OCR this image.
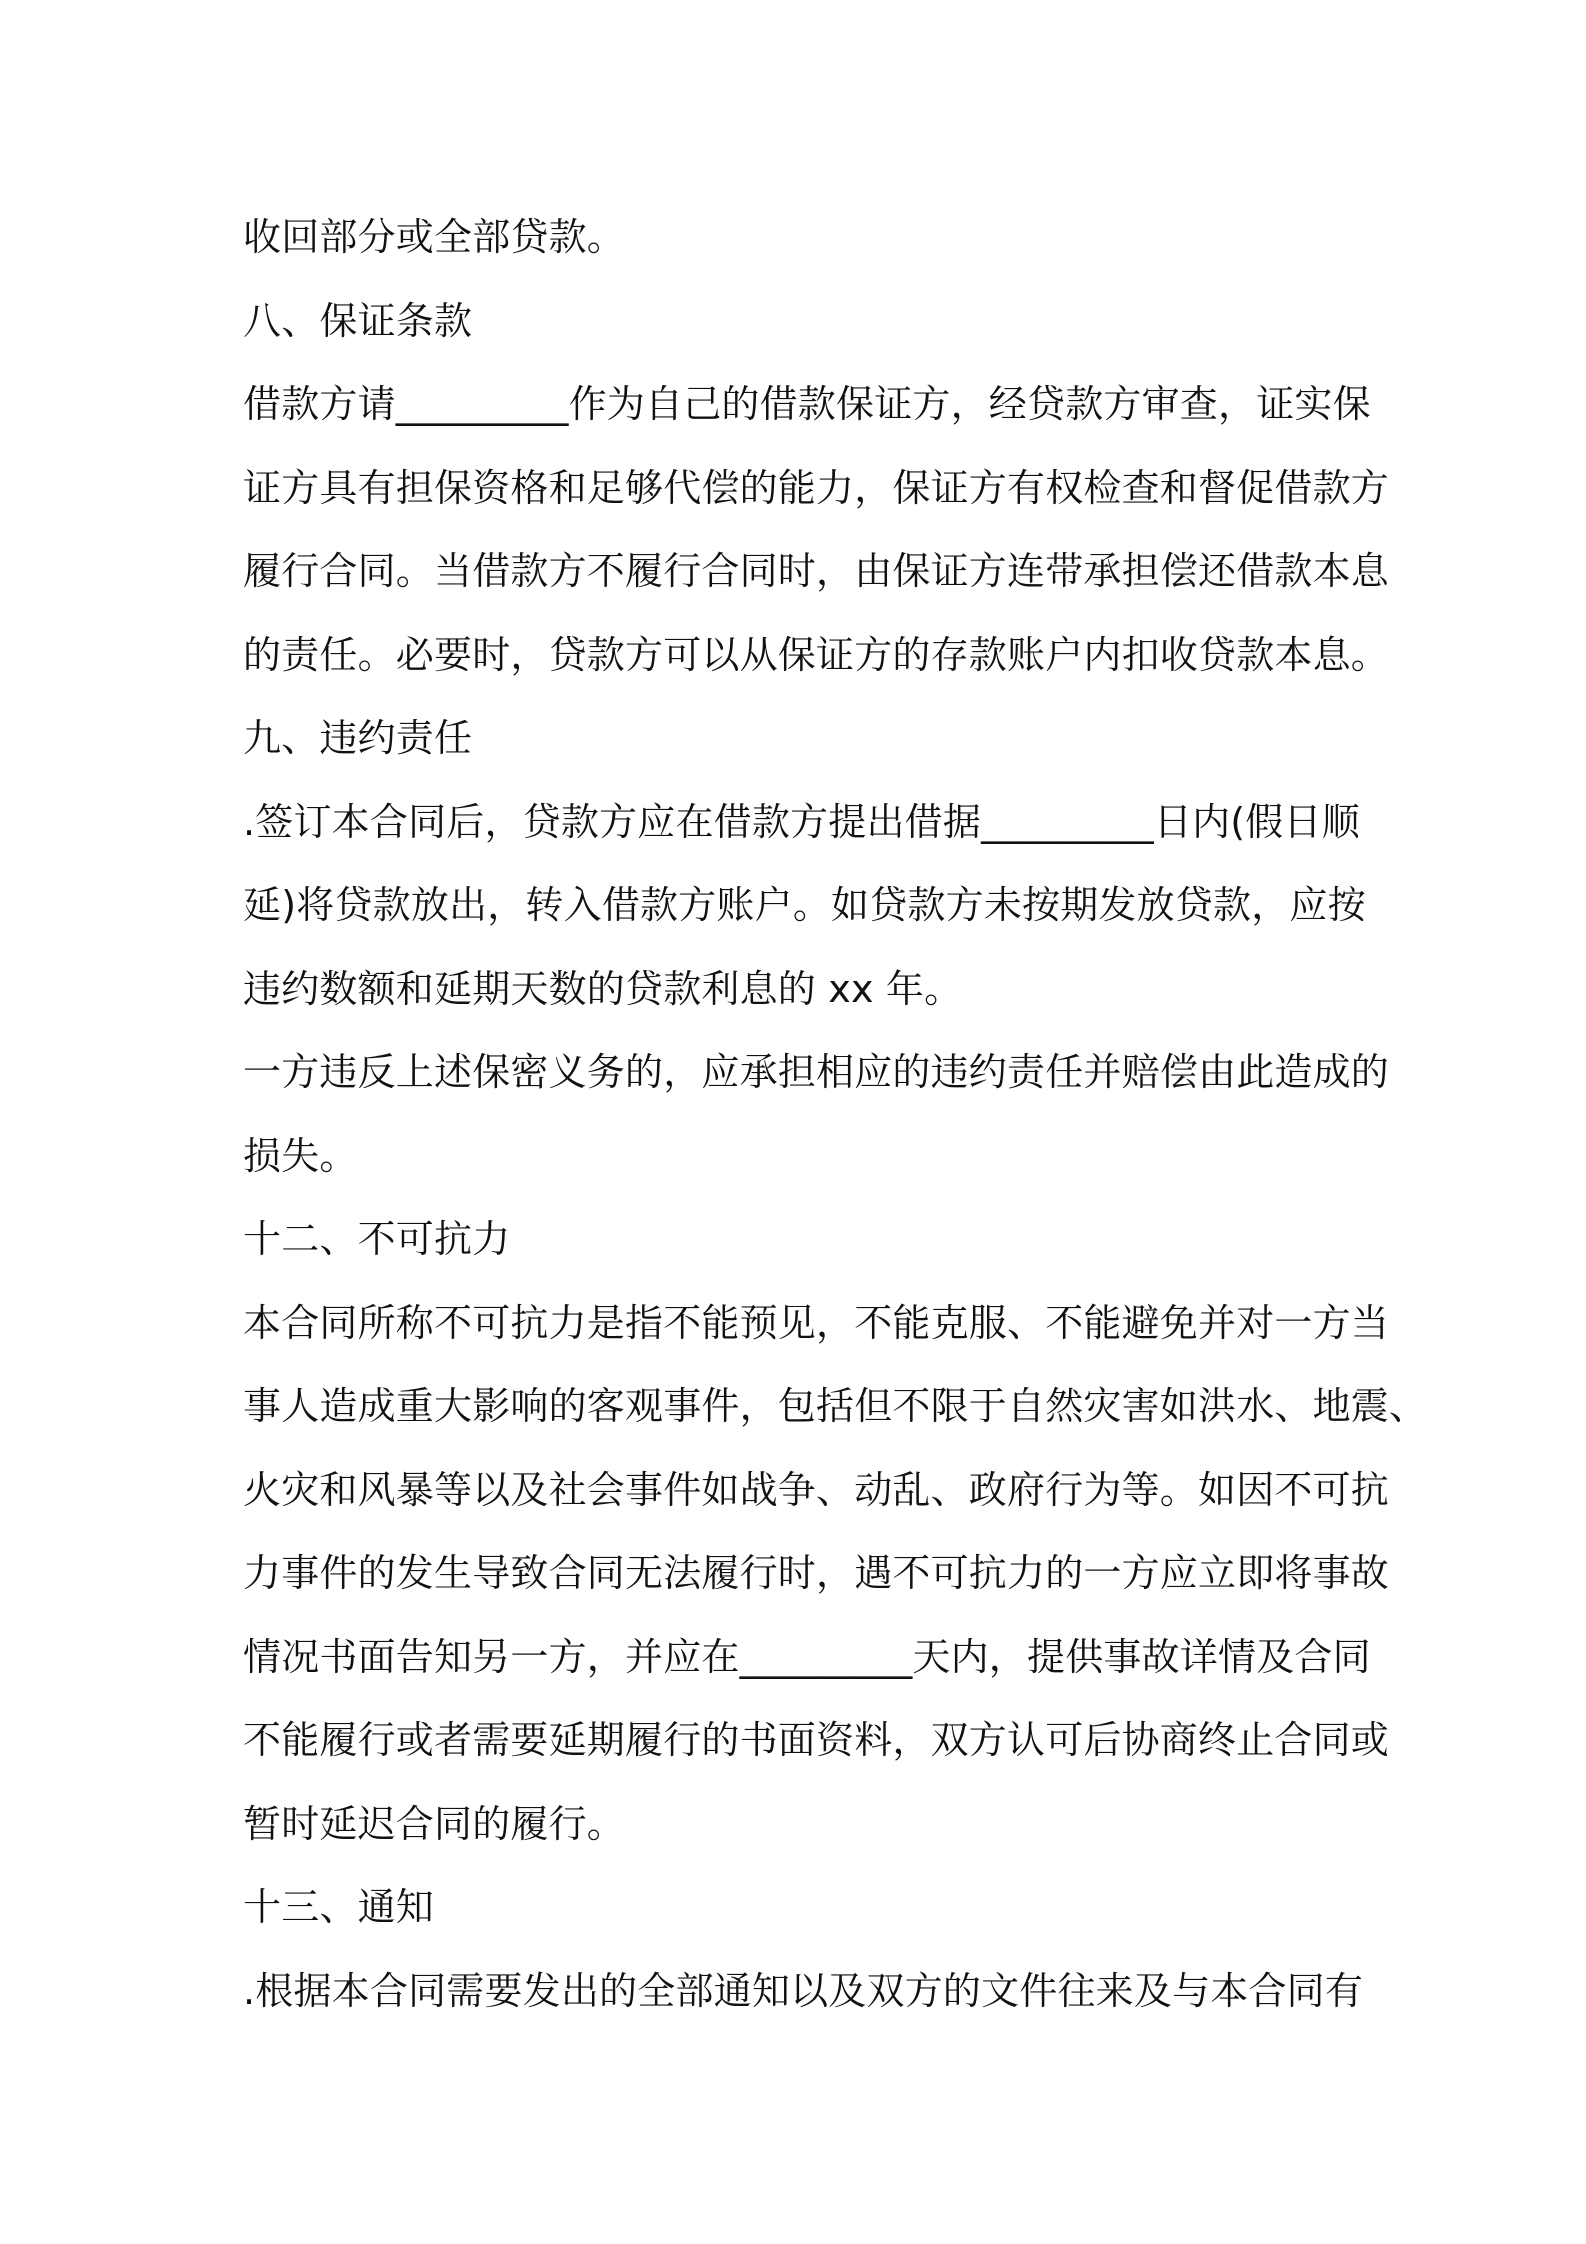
收回部分或全部贷款。
八、保证条款
借款方请_________作为自己的借款保证方，经贷款方审查，证实保
证方具有担保资格和足够代偿的能力，保证方有权检查和督促借款方
履行合同。当借款方不履行合同时，由保证方连带承担偿还借款本息
的责任。必要时，贷款方可以从保证方的存款账户内扣收贷款本息。
九、违约责任
.签订本合同后，贷款方应在借款方提出借据_________日内(假日顺
延)将贷款放出，转入借款方账户。如贷款方未按期发放贷款，应按
违约数额和延期天数的贷款利息的 xx 年。
一方违反上述保密义务的，应承担相应的违约责任并赔偿由此造成的
损失。
十二、不可抗力
本合同所称不可抗力是指不能预见，不能克服、不能避免并对一方当
事人造成重大影响的客观事件，包括但不限于自然灾害如洪水、地震、
火灾和风暴等以及社会事件如战争、动乱、政府行为等。如因不可抗
力事件的发生导致合同无法履行时，遇不可抗力的一方应立即将事故
情况书面告知另一方，并应在_________天内，提供事故详情及合同
不能履行或者需要延期履行的书面资料，双方认可后协商终止合同或
暂时延迟合同的履行。
十三、通知
.根据本合同需要发出的全部通知以及双方的文件往来及与本合同有
